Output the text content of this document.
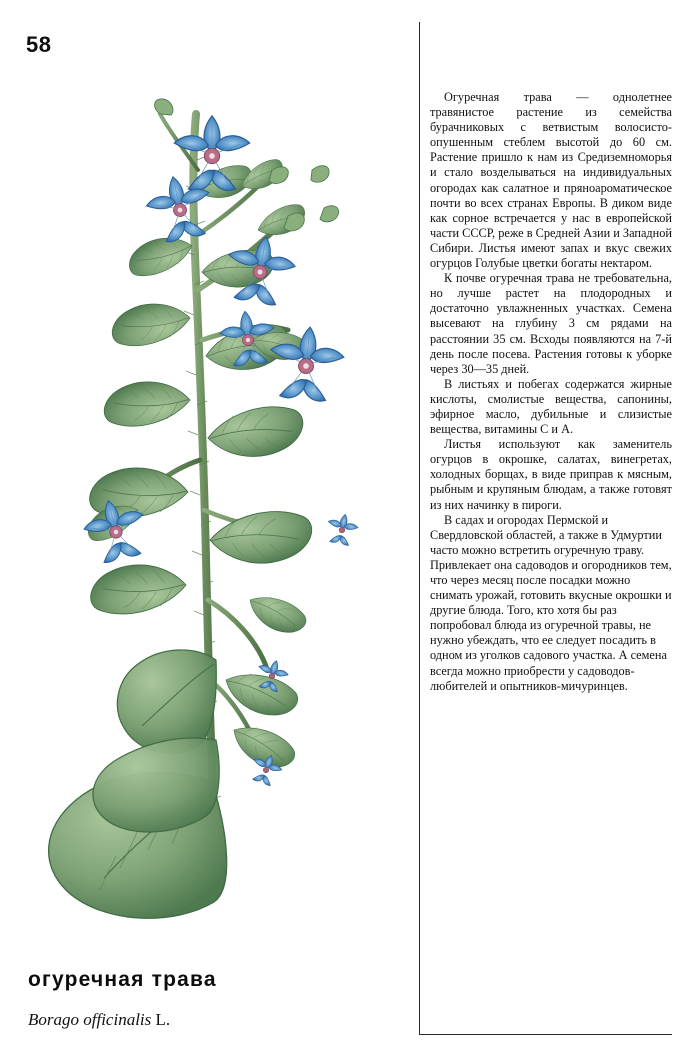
58
огуречная трава
Borago officinalis L.

Огуречная трава — однолетнее травянистое растение из семейства бурачниковых с ветвистым волосисто-опушенным стеблем высотой до 60 см. Растение пришло к нам из Средиземноморья и стало возделываться на индивидуальных огородах как салатное и пряноароматическое почти во всех странах Европы. В диком виде как сорное встречается у нас в европейской части СССР, реже в Средней Азии и Западной Сибири. Листья имеют запах и вкус свежих огурцов Голубые цветки богаты нектаром.

К почве огуречная трава не требовательна, но лучше растет на плодородных и достаточно увлажненных участках. Семена высевают на глубину 3 см рядами на расстоянии 35 см. Всходы появляются на 7-й день после посева. Растения готовы к уборке через 30—35 дней.

В листьях и побегах содержатся жирные кислоты, смолистые вещества, сапонины, эфирное масло, дубильные и слизистые вещества, витамины С и А.

Листья используют как заменитель огурцов в окрошке, салатах, винегретах, холодных борщах, в виде приправ к мясным, рыбным и крупяным блюдам, а также готовят из них начинку в пироги.

В садах и огородах Пермской и Свердловской областей, а также в Удмуртии часто можно встретить огуречную траву. Привлекает она садоводов и огородников тем, что через месяц после посадки можно снимать урожай, готовить вкусные окрошки и другие блюда. Того, кто хотя бы раз попробовал блюда из огуречной травы, не нужно убеждать, что ее следует посадить в одном из уголков садового участка. А семена всегда можно приобрести у садоводов-любителей и опытников-мичуринцев.
